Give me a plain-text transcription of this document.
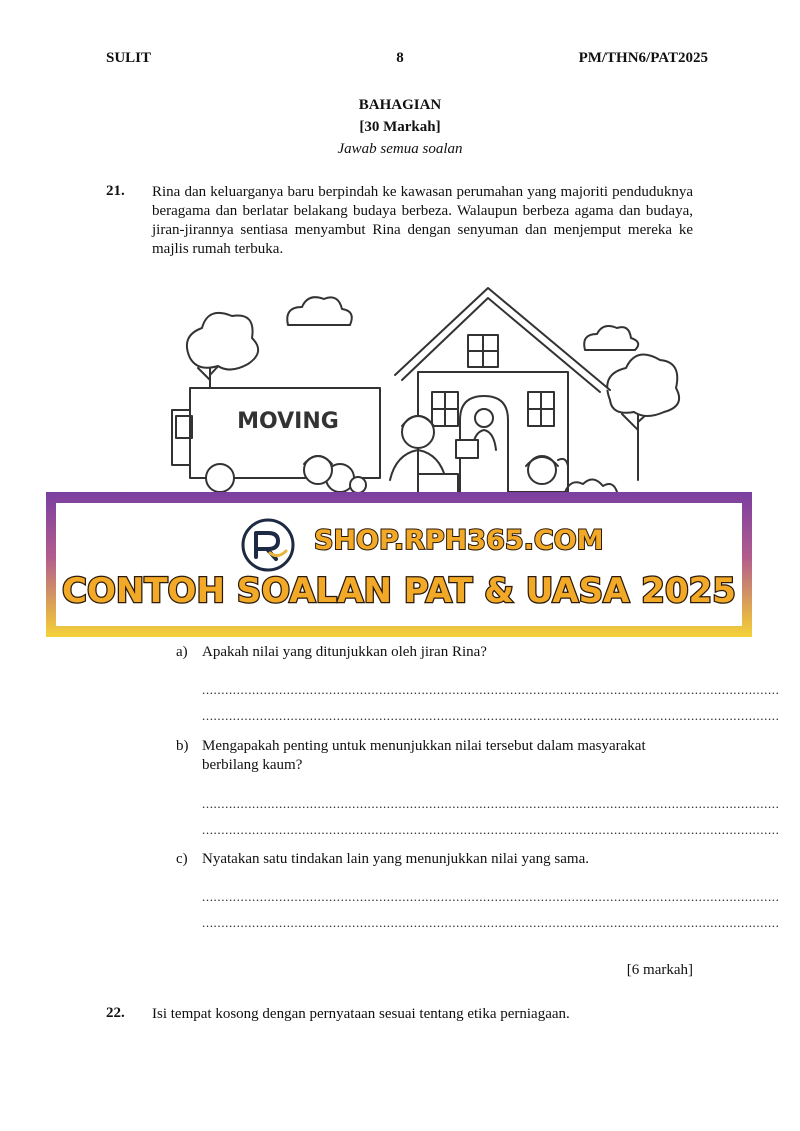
SULIT	8	PM/THN6/PAT2025
BAHAGIAN
[30 Markah]
Jawab semua soalan
21. Rina dan keluarganya baru berpindah ke kawasan perumahan yang majoriti penduduknya beragama dan berlatar belakang budaya berbeza. Walaupun berbeza agama dan budaya, jiran-jirannya sentiasa menyambut Rina dengan senyuman dan menjemput mereka ke majlis rumah terbuka.
MOVING
SHOP.RPH365.COM
CONTOH SOALAN PAT & UASA 2025
a) Apakah nilai yang ditunjukkan oleh jiran Rina?
......................................................................................................................................................
......................................................................................................................................................
b) Mengapakah penting untuk menunjukkan nilai tersebut dalam masyarakat berbilang kaum?
......................................................................................................................................................
......................................................................................................................................................
c) Nyatakan satu tindakan lain yang menunjukkan nilai yang sama.
......................................................................................................................................................
......................................................................................................................................................
[6 markah]
22. Isi tempat kosong dengan pernyataan sesuai tentang etika perniagaan.
